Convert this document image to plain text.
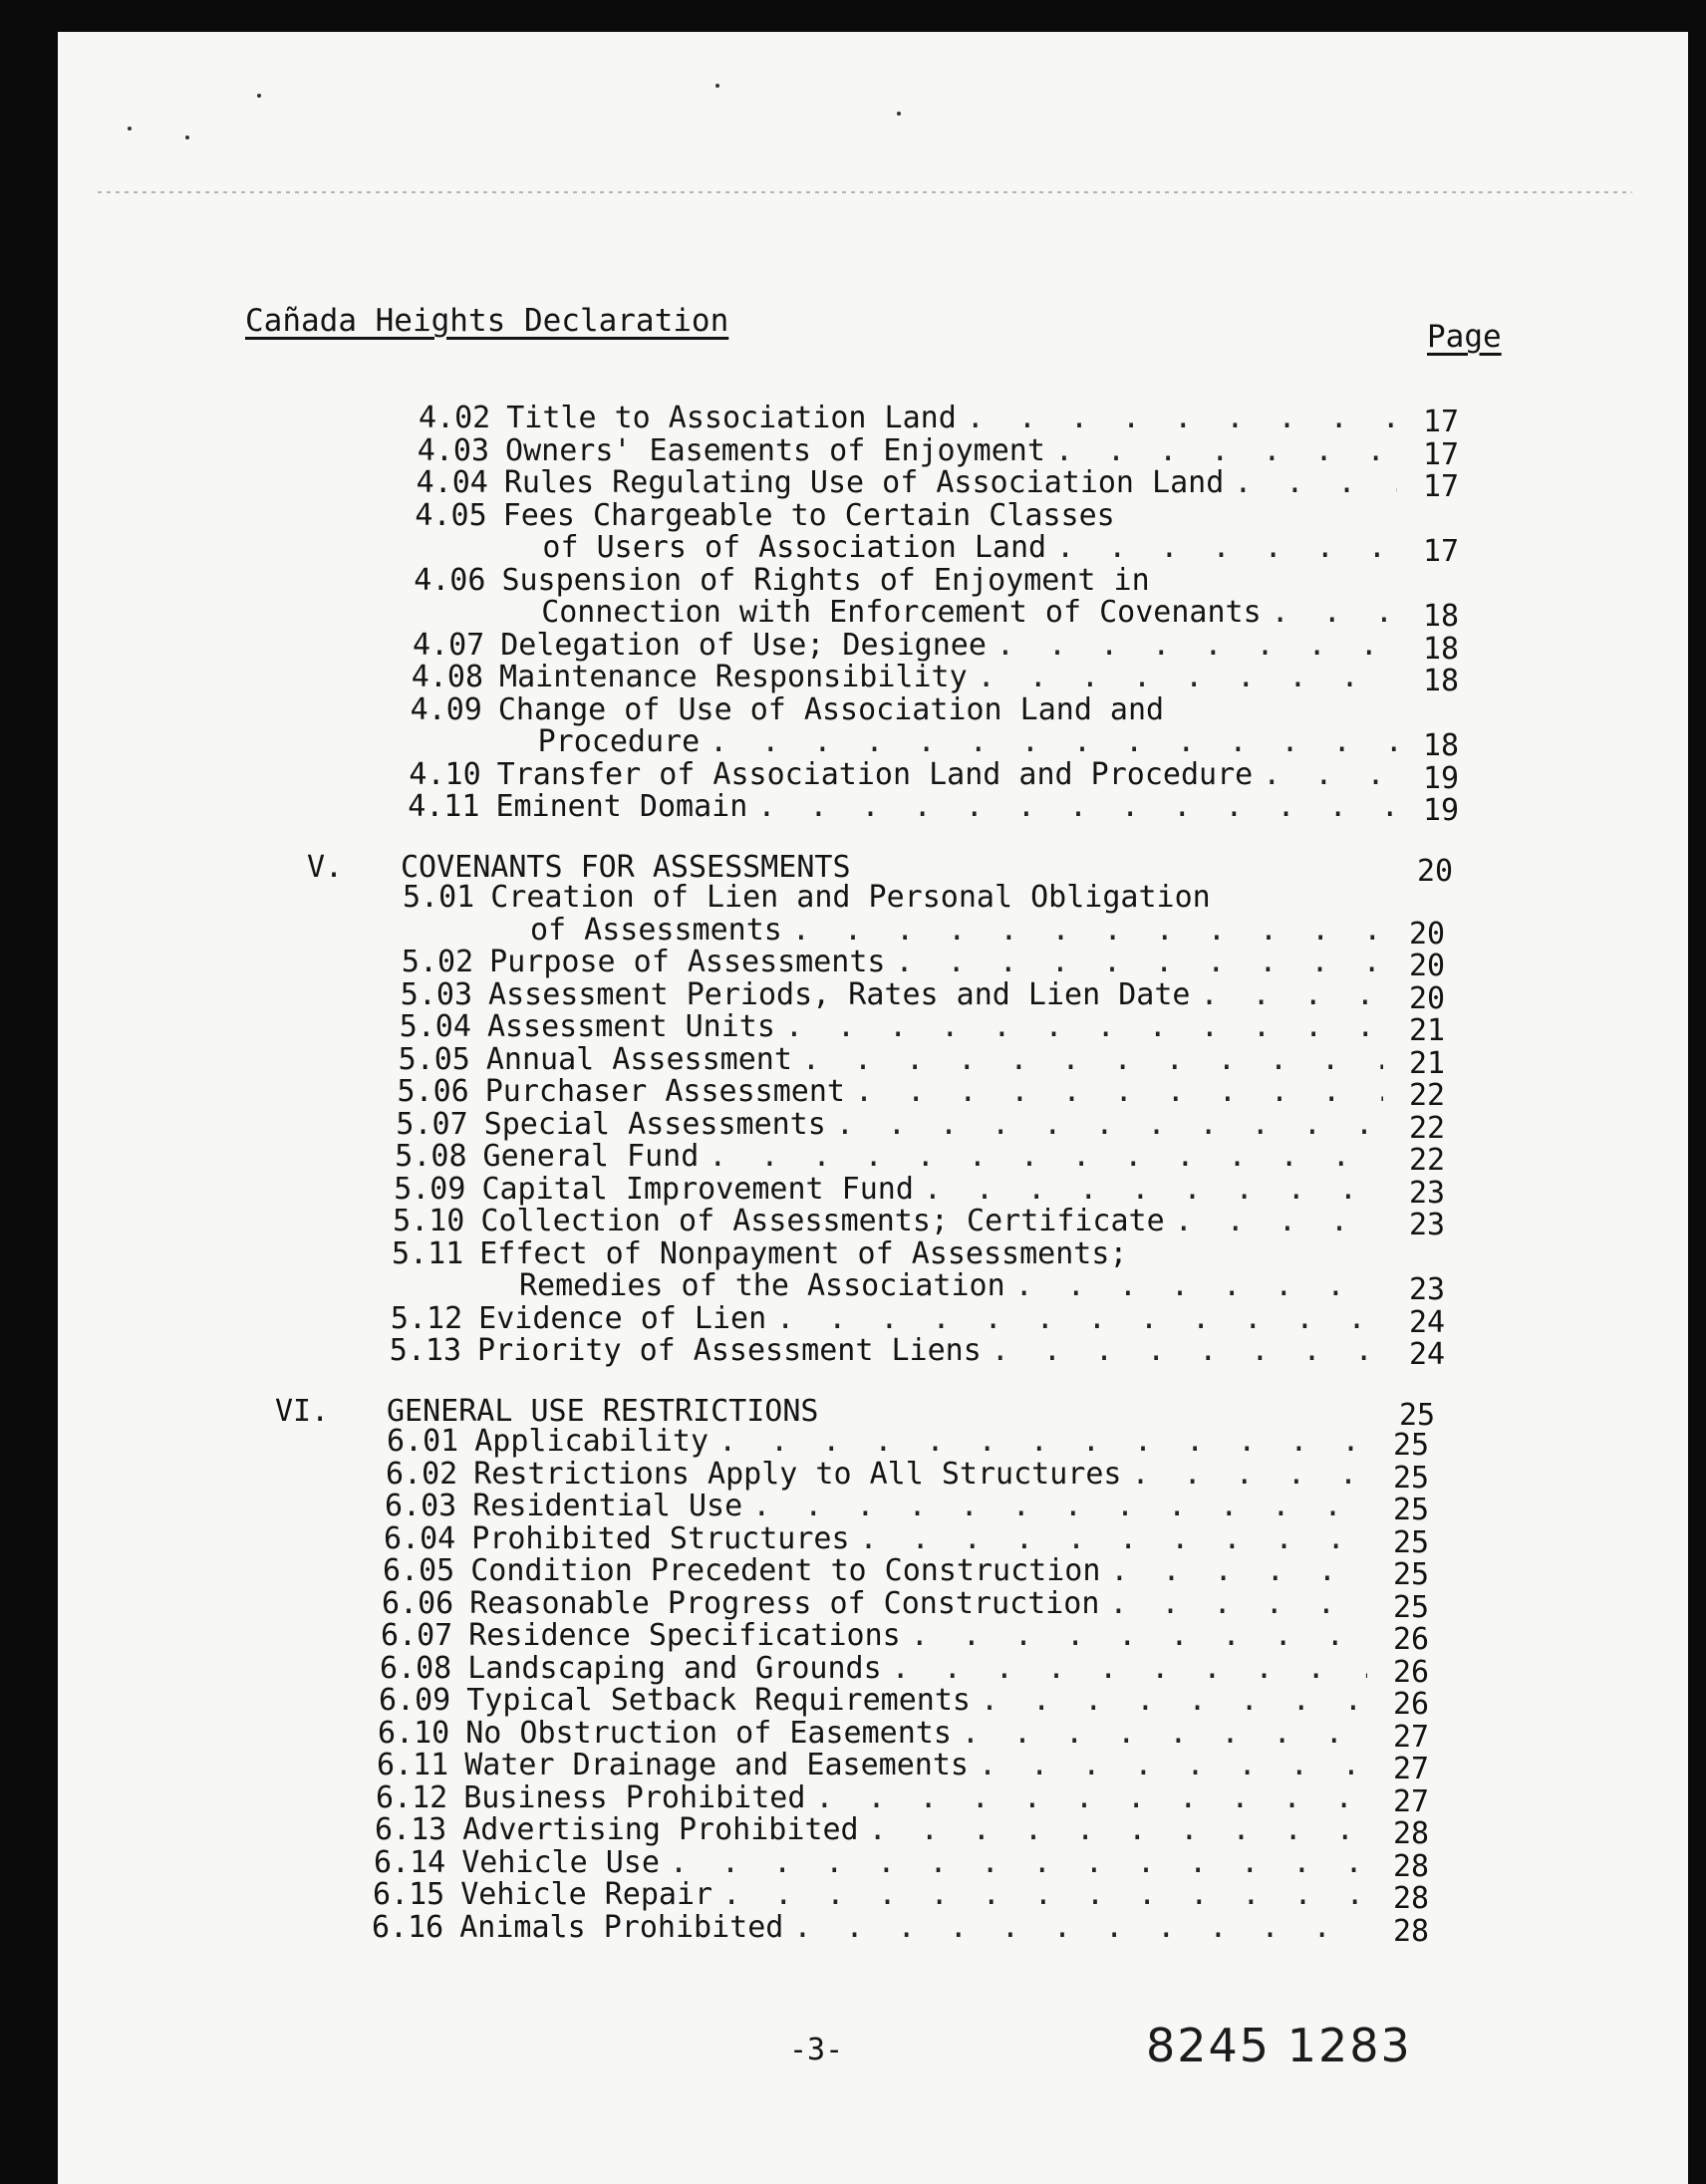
Cañada Heights Declaration	Page
4.02 Title to Association Land . . .	17
4.03 Owners' Easements of Enjoyment . . .	17
4.04 Rules Regulating Use of Association Land . . .	17
4.05 Fees Chargeable to Certain Classes
of Users of Association Land . . .	17
4.06 Suspension of Rights of Enjoyment in
Connection with Enforcement of Covenants . . .	18
4.07 Delegation of Use; Designee . . .	18
4.08 Maintenance Responsibility . . .	18
4.09 Change of Use of Association Land and
Procedure . . .	18
4.10 Transfer of Association Land and Procedure . . .	19
4.11 Eminent Domain . . .	19
V. COVENANTS FOR ASSESSMENTS	20
5.01 Creation of Lien and Personal Obligation
of Assessments . . .	20
5.02 Purpose of Assessments . . .	20
5.03 Assessment Periods, Rates and Lien Date . . .	20
5.04 Assessment Units . . .	21
5.05 Annual Assessment . . .	21
5.06 Purchaser Assessment . . .	22
5.07 Special Assessments . . .	22
5.08 General Fund . . .	22
5.09 Capital Improvement Fund . . .	23
5.10 Collection of Assessments; Certificate . . .	23
5.11 Effect of Nonpayment of Assessments;
Remedies of the Association . . .	23
5.12 Evidence of Lien . . .	24
5.13 Priority of Assessment Liens . . .	24
VI. GENERAL USE RESTRICTIONS	25
6.01 Applicability . . .	25
6.02 Restrictions Apply to All Structures . . .	25
6.03 Residential Use . . .	25
6.04 Prohibited Structures . . .	25
6.05 Condition Precedent to Construction . . .	25
6.06 Reasonable Progress of Construction . . .	25
6.07 Residence Specifications . . .	26
6.08 Landscaping and Grounds . . .	26
6.09 Typical Setback Requirements . . .	26
6.10 No Obstruction of Easements . . .	27
6.11 Water Drainage and Easements . . .	27
6.12 Business Prohibited . . .	27
6.13 Advertising Prohibited . . .	28
6.14 Vehicle Use . . .	28
6.15 Vehicle Repair . . .	28
6.16 Animals Prohibited . . .	28
-3-	8245 1283
